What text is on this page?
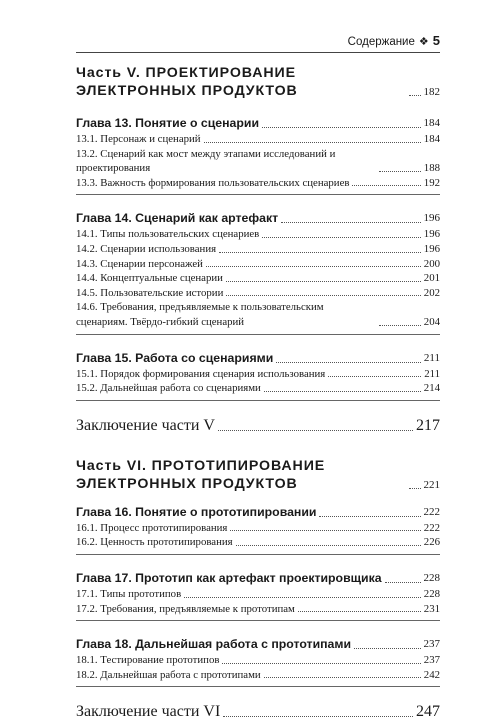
Содержание ❖ 5
Часть V. ПРОЕКТИРОВАНИЕ ЭЛЕКТРОННЫХ ПРОДУКТОВ	182
Глава 13. Понятие о сценарии	184
13.1. Персонаж и сценарий	184
13.2. Сценарий как мост между этапами исследований и проектирования	188
13.3. Важность формирования пользовательских сценариев	192
Глава 14. Сценарий как артефакт	196
14.1. Типы пользовательских сценариев	196
14.2. Сценарии использования	196
14.3. Сценарии персонажей	200
14.4. Концептуальные сценарии	201
14.5. Пользовательские истории	202
14.6. Требования, предъявляемые к пользовательским сценариям. Твёрдо-гибкий сценарий	204
Глава 15. Работа со сценариями	211
15.1. Порядок формирования сценария использования	211
15.2. Дальнейшая работа со сценариями	214
Заключение части V	217
Часть VI. ПРОТОТИПИРОВАНИЕ ЭЛЕКТРОННЫХ ПРОДУКТОВ	221
Глава 16. Понятие о прототипировании	222
16.1. Процесс прототипирования	222
16.2. Ценность прототипирования	226
Глава 17. Прототип как артефакт проектировщика	228
17.1. Типы прототипов	228
17.2. Требования, предъявляемые к прототипам	231
Глава 18. Дальнейшая работа с прототипами	237
18.1. Тестирование прототипов	237
18.2. Дальнейшая работа с прототипами	242
Заключение части VI	247
